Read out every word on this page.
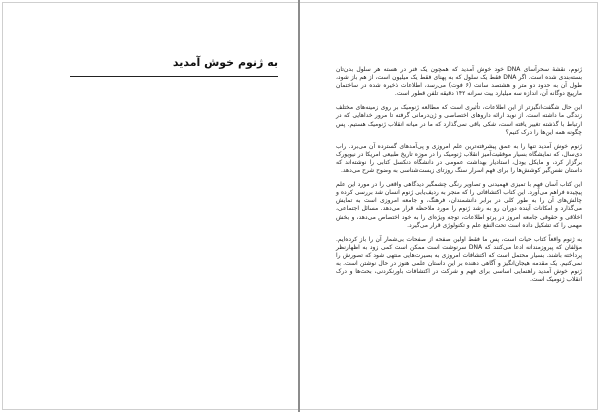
به ژنوم خوش آمدید

ژنوم، نقشهٔ سحرآسای DNA خود خوش آمدید که همچون یک فنر در هسته هر سلول بدن‌تان بسته‌بندی شده است. اگر DNA فقط یک سلول که به پهنای فقط یک میلیون است، از هم باز شود، طول آن به حدود دو متر و هشتصد سانت (۶ فوت) می‌رسد، اطلاعات ذخیره شده در ساختمان مارپیچ دوگانه آن، اندازه سه میلیارد بیت سرانه ۱۴۲ دقیقه تلفن قطور است.

این حال شگفت‌انگیزتر از این اطلاعات، تأثیری است که مطالعه ژنومیک بر روی زمینه‌های مختلف زندگی ما داشته است. از نوید ارائه داروهای اختصاصی و ژن‌درمانی گرفته تا مرور خداهایی که در ارتباط با گذشته تغییر یافته است، شکی باقی نمی‌گذارد که ما در میانه انقلاب ژنومیک هستیم. پس چگونه همه این‌ها را درک کنیم؟

ژنوم خوش آمدید تنها را به عمق پیشرفته‌ترین علم امروزی و پی‌آمدهای گسترده آن می‌برد. راب دی‌سال، که نمایشگاه بسیار موفقیت‌آمیز انقلاب ژنومیک را در موزه تاریخ طبیعی امریکا در نیویورک برگزار کرد، و مایکل یودل، استادیار بهداشت عمومی در دانشگاه دنکسل کتابی را نوشته‌اند که داستان نفس‌گیر کوشش‌ها را برای فهم اسرار سنگ روزتای زیست‌شناسی به وضوح شرح می‌دهد.

این کتاب آسان فهم با تمیزی فهمیدنی و تصاویر رنگی چشمگیر دیدگاهی واقعی را در مورد این علم پیچیده فراهم می‌آورد. این کتاب اکتشافاتی را که منجر به ردیف‌یابی ژنوم انسان شد بررسی کرده و چالش‌های آن را به طور کلی در برابر دانشمندان، فرهنگ، و جامعه امروزی است به تمایش می‌گذارد و امکانات آینده دوران رو به رشد ژنوم را مورد ملاحظه قرار می‌دهد. مسائل اجتماعی، اخلاقی و حقوقی جامعه امروز در پرتو اطلاعات، توجه ویژه‌ای را به خود اختصاص می‌دهد، و بخش مهمی را که تشکیل داده است تحت‌النفع علم و تکنولوژی قرار می‌گیرد.

به ژنوم واقعاً کتاب حیات است، پس ما فقط اولین صفحه از صفحات بی‌شمار آن را باز کرده‌ایم. مؤلفان که پیروزمندانه ادعا می‌کنند که DNA سرنوشت است ممکن است کمی زود به اظهارنظر پرداخته باشند. بسیار محتمل است که اکتشافات امروزی به بصیرت‌هایی منتهی شود که تصورش را نمی‌کنیم. یک مقدمه هیجان‌انگیز و آگاهی دهنده بر این داستان علمی هنوز در حال نوشتن است. به ژنوم خوش آمدید راهنمایی اساسی برای فهم و شرکت در اکتشافات باورنکردنی، بحث‌ها و درک انقلاب ژنومیک است.
